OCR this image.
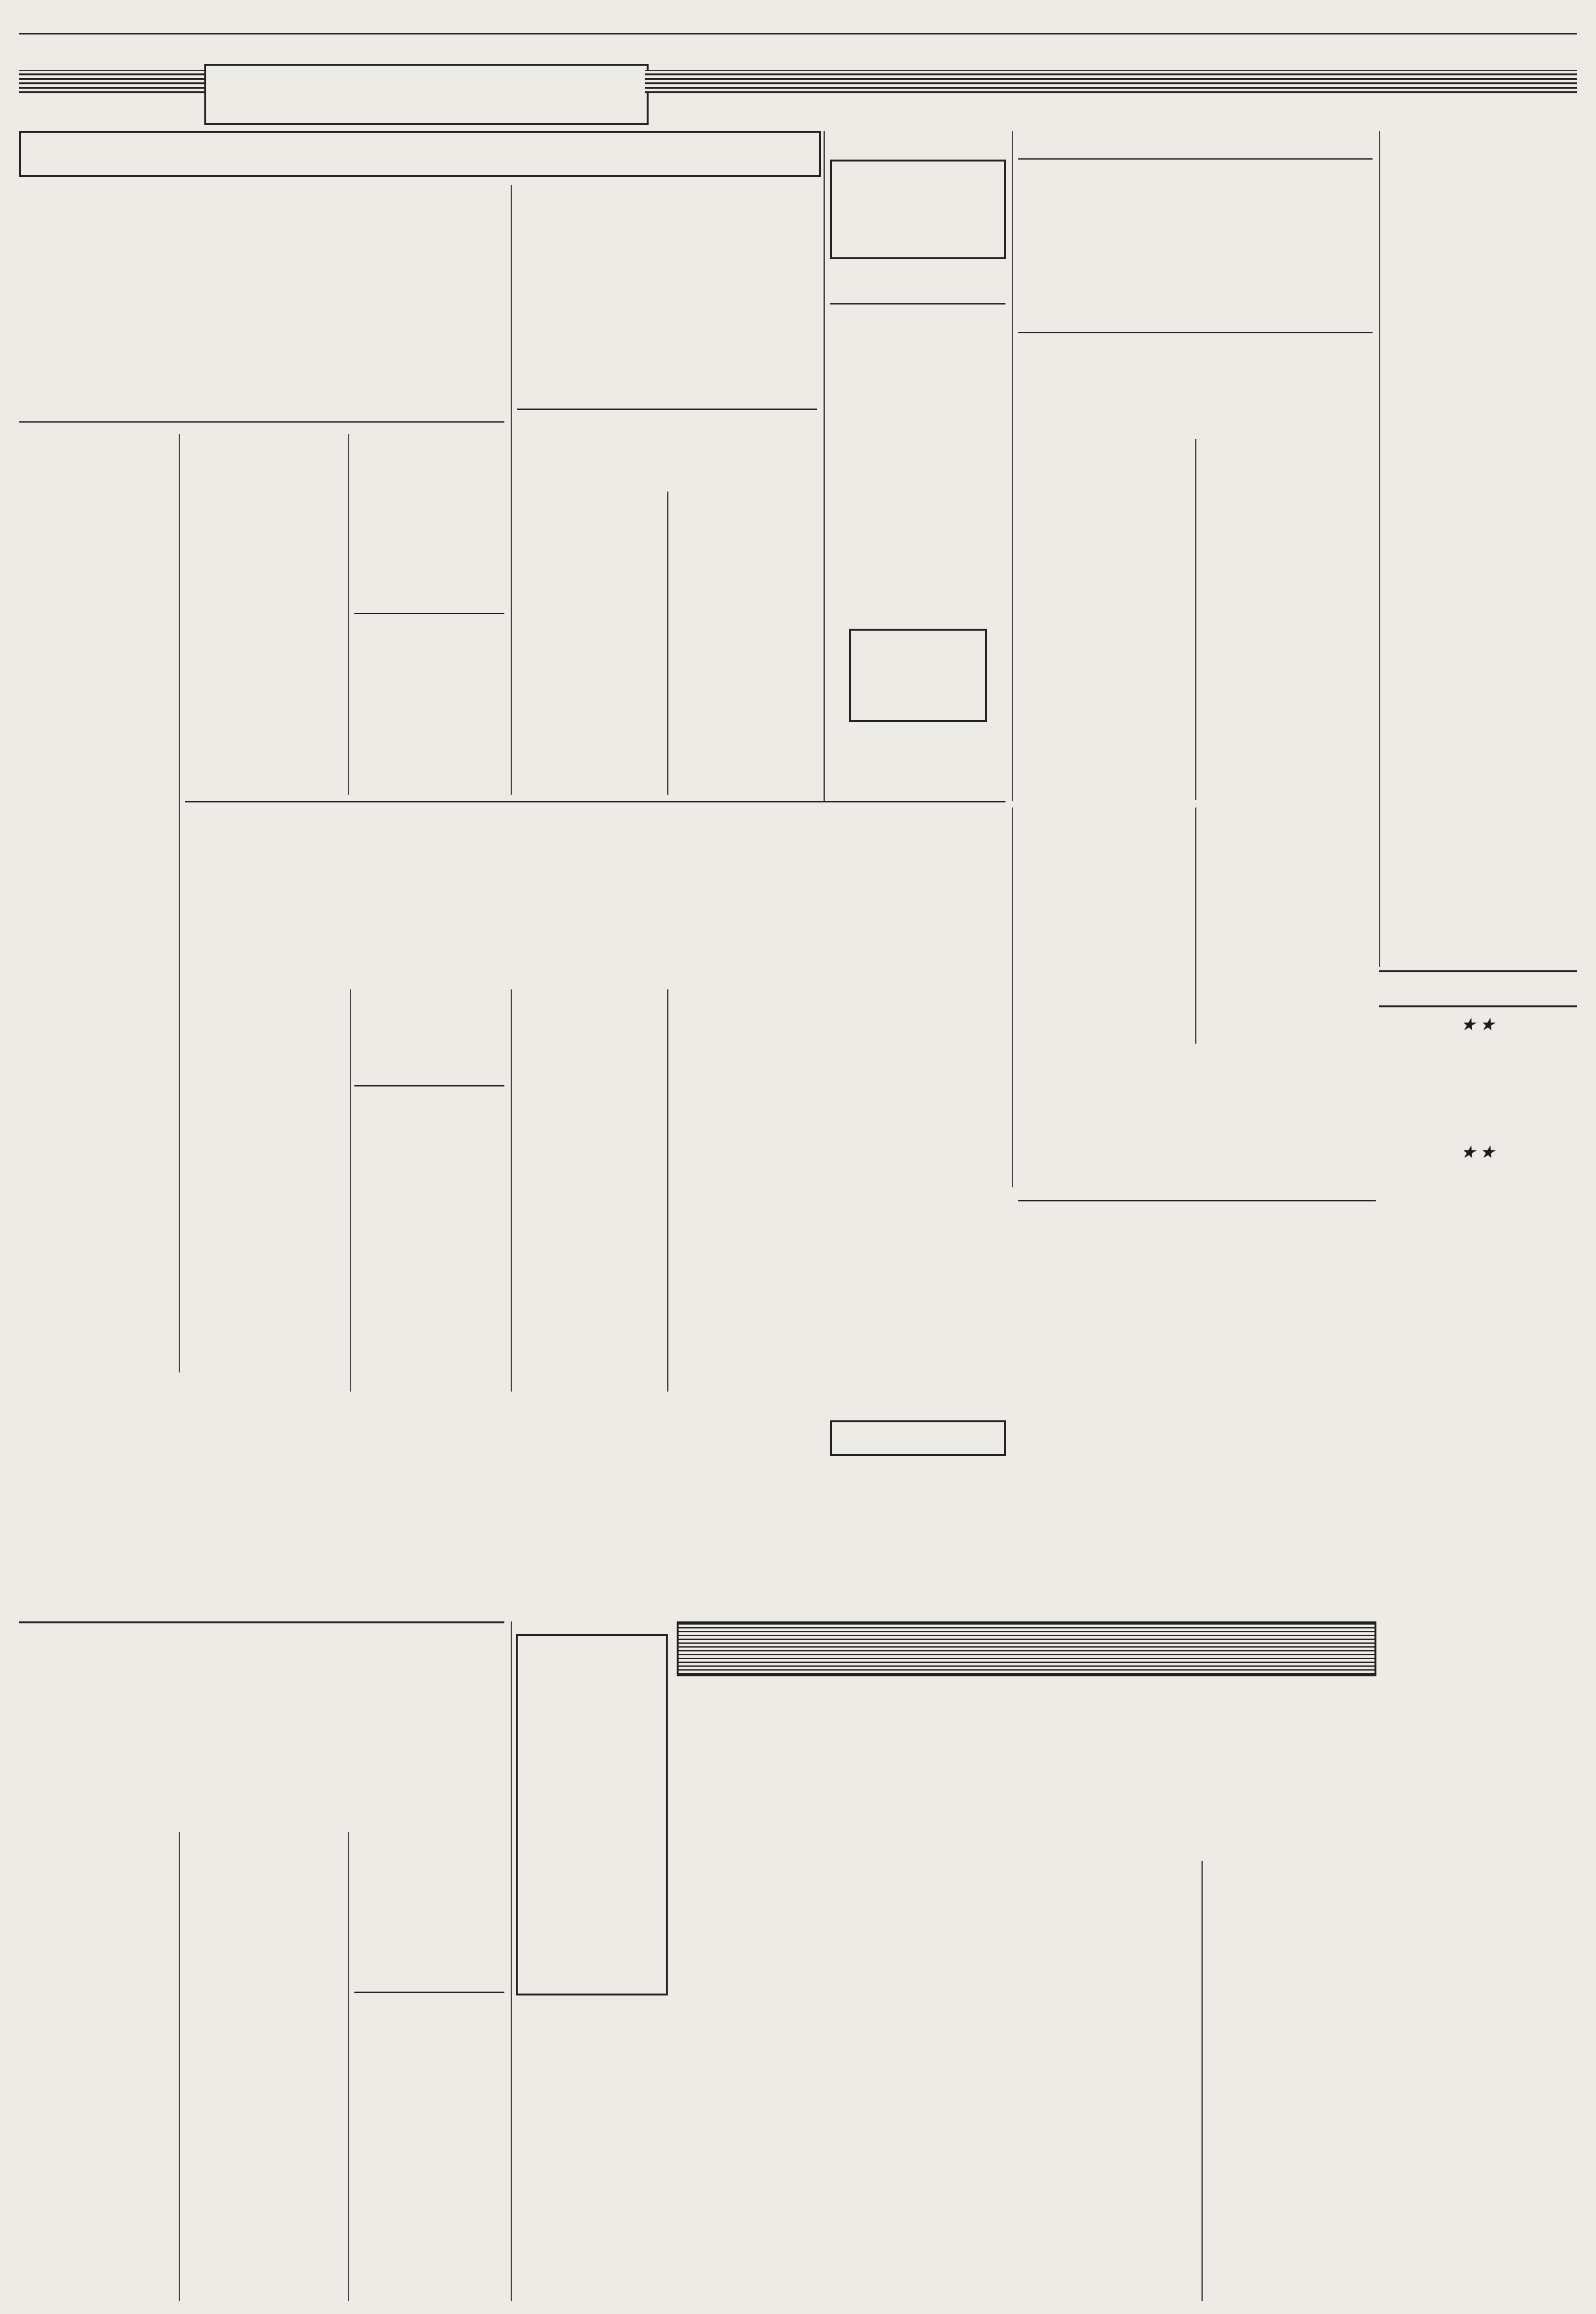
★ ★
★ ★
